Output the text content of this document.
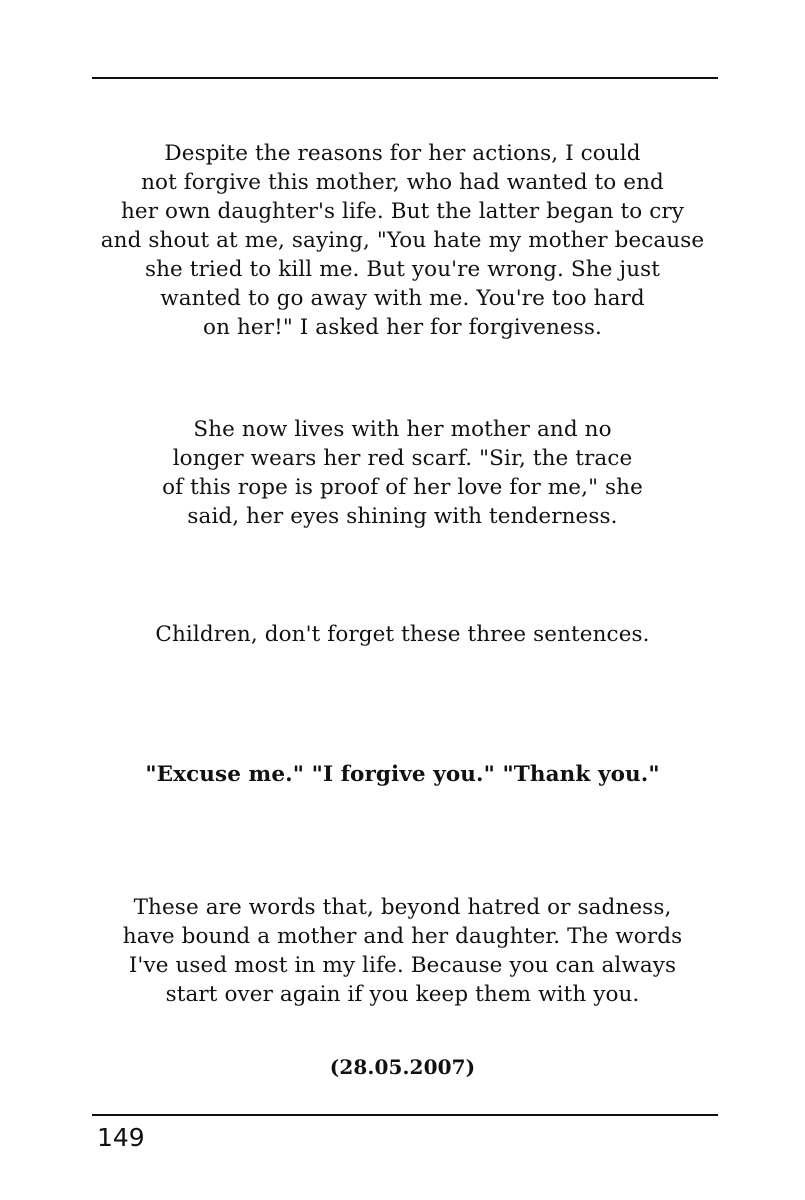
Despite the reasons for her actions, I could
not forgive this mother, who had wanted to end
her own daughter's life. But the latter began to cry
and shout at me, saying, "You hate my mother because
she tried to kill me. But you're wrong. She just
wanted to go away with me. You're too hard
on her!" I asked her for forgiveness.
She now lives with her mother and no
longer wears her red scarf. "Sir, the trace
of this rope is proof of her love for me," she
said, her eyes shining with tenderness.
Children, don't forget these three sentences.
"Excuse me." "I forgive you." "Thank you."
These are words that, beyond hatred or sadness,
have bound a mother and her daughter. The words
I've used most in my life. Because you can always
start over again if you keep them with you.
(28.05.2007)
149
